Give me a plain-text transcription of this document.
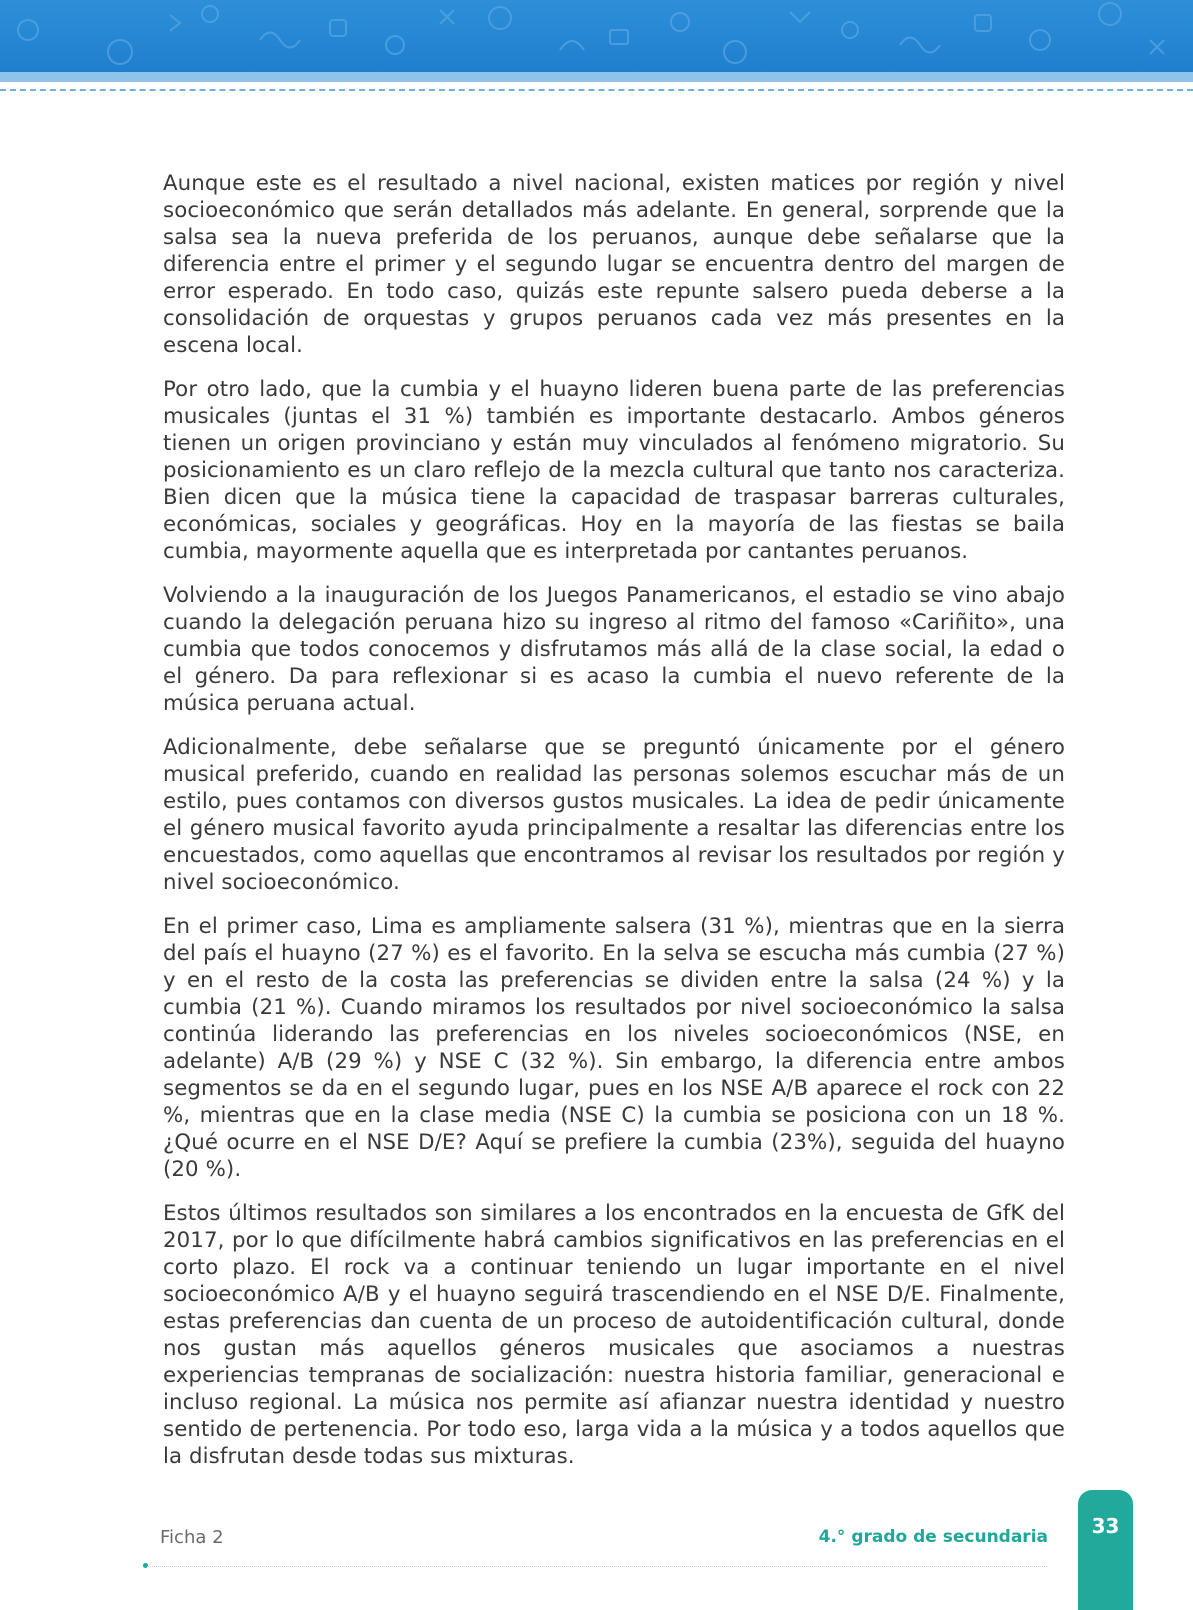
Aunque este es el resultado a nivel nacional, existen matices por región y nivel socioeconómico que serán detallados más adelante. En general, sorprende que la salsa sea la nueva preferida de los peruanos, aunque debe señalarse que la diferencia entre el primer y el segundo lugar se encuentra dentro del margen de error esperado. En todo caso, quizás este repunte salsero pueda deberse a la consolidación de orquestas y grupos peruanos cada vez más presentes en la escena local.

Por otro lado, que la cumbia y el huayno lideren buena parte de las preferencias musicales (juntas el 31 %) también es importante destacarlo. Ambos géneros tienen un origen provinciano y están muy vinculados al fenómeno migratorio. Su posicionamiento es un claro reflejo de la mezcla cultural que tanto nos caracteriza. Bien dicen que la música tiene la capacidad de traspasar barreras culturales, económicas, sociales y geográficas. Hoy en la mayoría de las fiestas se baila cumbia, mayormente aquella que es interpretada por cantantes peruanos.

Volviendo a la inauguración de los Juegos Panamericanos, el estadio se vino abajo cuando la delegación peruana hizo su ingreso al ritmo del famoso «Cariñito», una cumbia que todos conocemos y disfrutamos más allá de la clase social, la edad o el género. Da para reflexionar si es acaso la cumbia el nuevo referente de la música peruana actual.

Adicionalmente, debe señalarse que se preguntó únicamente por el género musical preferido, cuando en realidad las personas solemos escuchar más de un estilo, pues contamos con diversos gustos musicales. La idea de pedir únicamente el género musical favorito ayuda principalmente a resaltar las diferencias entre los encuestados, como aquellas que encontramos al revisar los resultados por región y nivel socioeconómico.

En el primer caso, Lima es ampliamente salsera (31 %), mientras que en la sierra del país el huayno (27 %) es el favorito. En la selva se escucha más cumbia (27 %) y en el resto de la costa las preferencias se dividen entre la salsa (24 %) y la cumbia (21 %). Cuando miramos los resultados por nivel socioeconómico la salsa continúa liderando las preferencias en los niveles socioeconómicos (NSE, en adelante) A/B (29 %) y NSE C (32 %). Sin embargo, la diferencia entre ambos segmentos se da en el segundo lugar, pues en los NSE A/B aparece el rock con 22 %, mientras que en la clase media (NSE C) la cumbia se posiciona con un 18 %. ¿Qué ocurre en el NSE D/E? Aquí se prefiere la cumbia (23%), seguida del huayno (20 %).

Estos últimos resultados son similares a los encontrados en la encuesta de GfK del 2017, por lo que difícilmente habrá cambios significativos en las preferencias en el corto plazo. El rock va a continuar teniendo un lugar importante en el nivel socioeconómico A/B y el huayno seguirá trascendiendo en el NSE D/E. Finalmente, estas preferencias dan cuenta de un proceso de autoidentificación cultural, donde nos gustan más aquellos géneros musicales que asociamos a nuestras experiencias tempranas de socialización: nuestra historia familiar, generacional e incluso regional. La música nos permite así afianzar nuestra identidad y nuestro sentido de pertenencia. Por todo eso, larga vida a la música y a todos aquellos que la disfrutan desde todas sus mixturas.

Ficha 2	4.° grado de secundaria	33
